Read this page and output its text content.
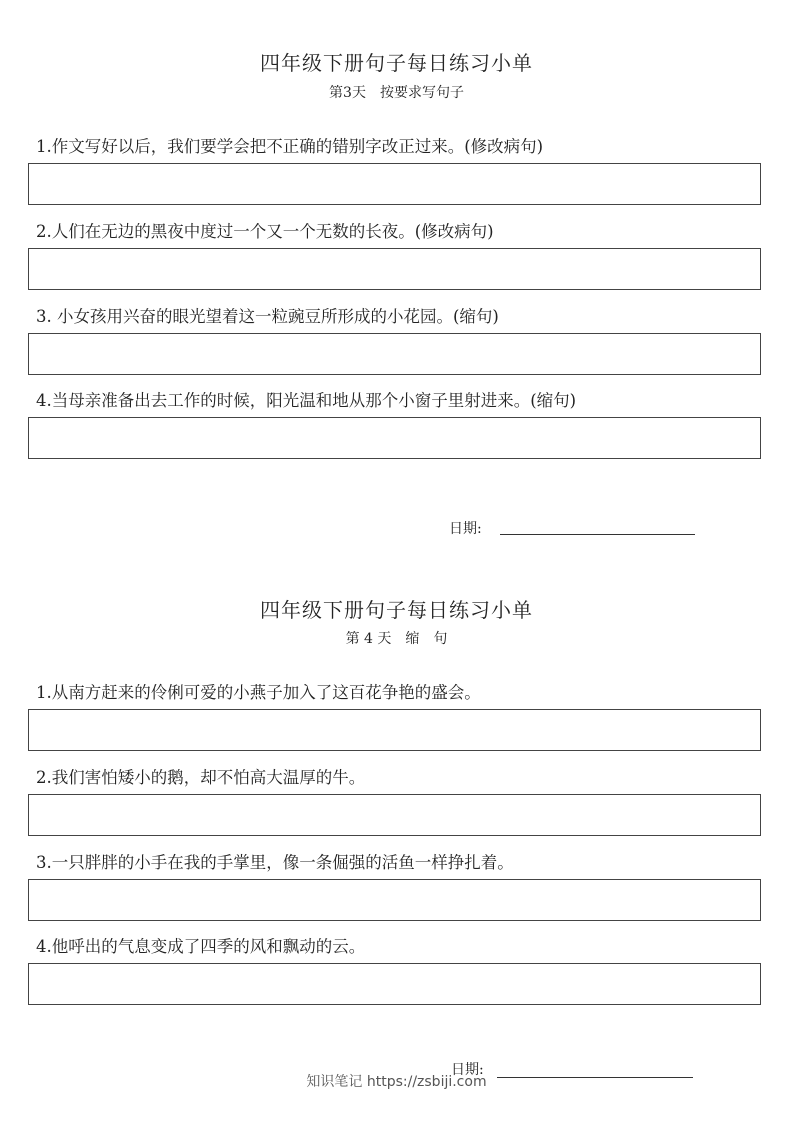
四年级下册句子每日练习小单
第3天　按要求写句子
1.作文写好以后，我们要学会把不正确的错别字改正过来。(修改病句)
2.人们在无边的黑夜中度过一个又一个无数的长夜。(修改病句)
3. 小女孩用兴奋的眼光望着这一粒豌豆所形成的小花园。(缩句)
4.当母亲准备出去工作的时候，阳光温和地从那个小窗子里射进来。(缩句)
日期:
四年级下册句子每日练习小单
第 4 天　缩　句
1.从南方赶来的伶俐可爱的小燕子加入了这百花争艳的盛会。
2.我们害怕矮小的鹅，却不怕高大温厚的牛。
3.一只胖胖的小手在我的手掌里，像一条倔强的活鱼一样挣扎着。
4.他呼出的气息变成了四季的风和飘动的云。
日期:
知识笔记 https://zsbiji.com
